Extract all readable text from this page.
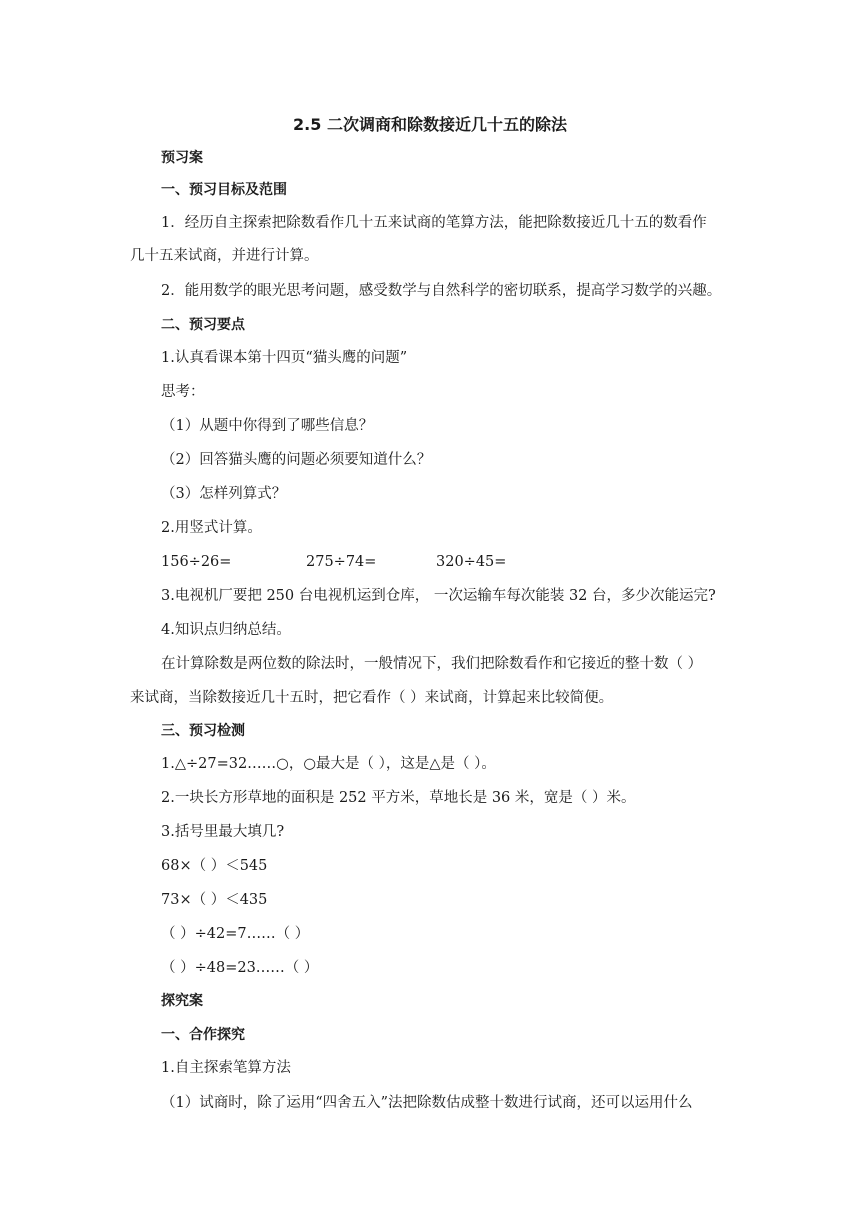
2.5 二次调商和除数接近几十五的除法
预习案
一、预习目标及范围
1．经历自主探索把除数看作几十五来试商的笔算方法，能把除数接近几十五的数看作
几十五来试商，并进行计算。
2．能用数学的眼光思考问题，感受数学与自然科学的密切联系，提高学习数学的兴趣。
二、预习要点
1.认真看课本第十四页“猫头鹰的问题”
思考：
（1）从题中你得到了哪些信息？
（2）回答猫头鹰的问题必须要知道什么？
（3）怎样列算式？
2.用竖式计算。
156÷26=	275÷74=	320÷45=
3.电视机厂要把 250 台电视机运到仓库， 一次运输车每次能装 32 台，多少次能运完?
4.知识点归纳总结。
在计算除数是两位数的除法时，一般情况下，我们把除数看作和它接近的整十数（ ）
来试商，当除数接近几十五时，把它看作（ ）来试商，计算起来比较简便。
三、预习检测
1.△÷27=32……○，○最大是（ ），这是△是（ ）。
2.一块长方形草地的面积是 252 平方米，草地长是 36 米，宽是（ ）米。
3.括号里最大填几?
68×（ ）＜545
73×（ ）＜435
（ ）÷42=7……（ ）
（ ）÷48=23……（ ）
探究案
一、合作探究
1.自主探索笔算方法
（1）试商时，除了运用“四舍五入”法把除数估成整十数进行试商，还可以运用什么
